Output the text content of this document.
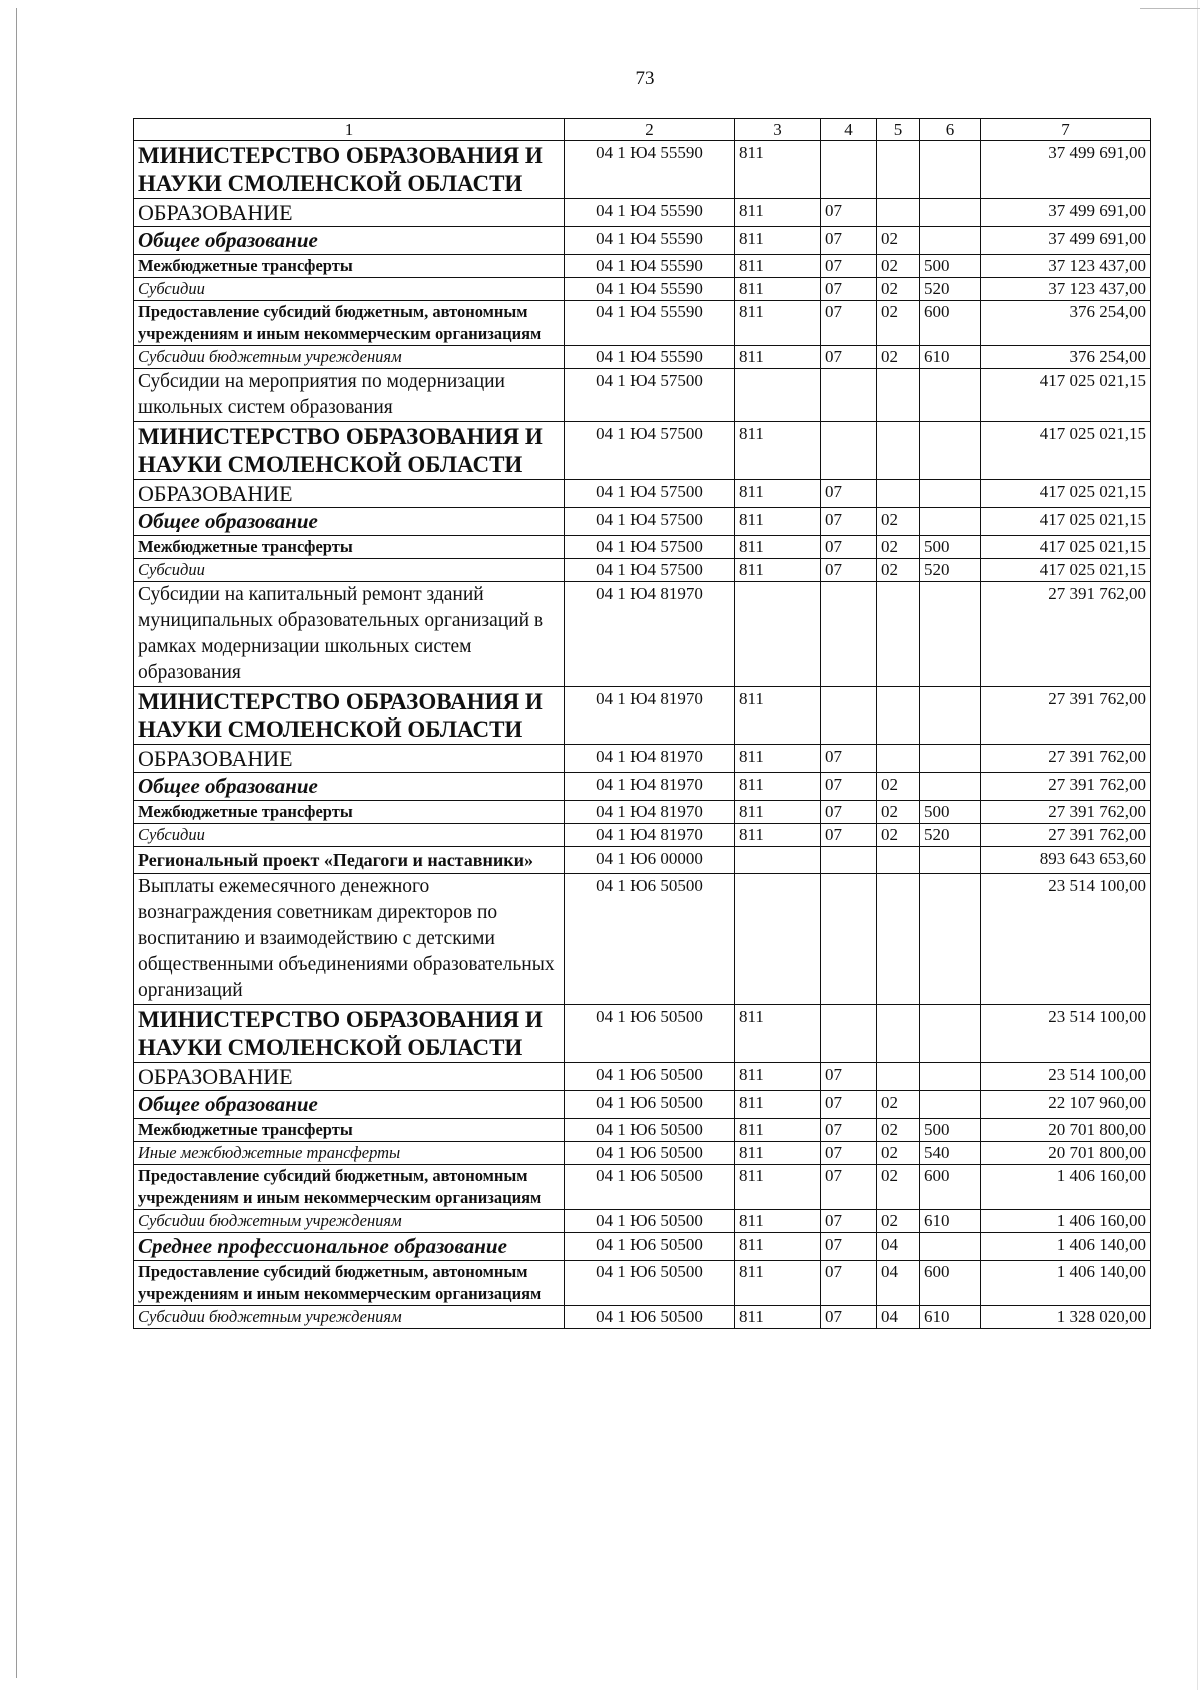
73
1	2	3	4	5	6	7
МИНИСТЕРСТВО ОБРАЗОВАНИЯ И НАУКИ СМОЛЕНСКОЙ ОБЛАСТИ	04 1 Ю4 55590	811				37 499 691,00
ОБРАЗОВАНИЕ	04 1 Ю4 55590	811	07			37 499 691,00
Общее образование	04 1 Ю4 55590	811	07	02		37 499 691,00
Межбюджетные трансферты	04 1 Ю4 55590	811	07	02	500	37 123 437,00
Субсидии	04 1 Ю4 55590	811	07	02	520	37 123 437,00
Предоставление субсидий бюджетным, автономным учреждениям и иным некоммерческим организациям	04 1 Ю4 55590	811	07	02	600	376 254,00
Субсидии бюджетным учреждениям	04 1 Ю4 55590	811	07	02	610	376 254,00
Субсидии на мероприятия по модернизации школьных систем образования	04 1 Ю4 57500					417 025 021,15
МИНИСТЕРСТВО ОБРАЗОВАНИЯ И НАУКИ СМОЛЕНСКОЙ ОБЛАСТИ	04 1 Ю4 57500	811				417 025 021,15
ОБРАЗОВАНИЕ	04 1 Ю4 57500	811	07			417 025 021,15
Общее образование	04 1 Ю4 57500	811	07	02		417 025 021,15
Межбюджетные трансферты	04 1 Ю4 57500	811	07	02	500	417 025 021,15
Субсидии	04 1 Ю4 57500	811	07	02	520	417 025 021,15
Субсидии на капитальный ремонт зданий муниципальных образовательных организаций в рамках модернизации школьных систем образования	04 1 Ю4 81970					27 391 762,00
МИНИСТЕРСТВО ОБРАЗОВАНИЯ И НАУКИ СМОЛЕНСКОЙ ОБЛАСТИ	04 1 Ю4 81970	811				27 391 762,00
ОБРАЗОВАНИЕ	04 1 Ю4 81970	811	07			27 391 762,00
Общее образование	04 1 Ю4 81970	811	07	02		27 391 762,00
Межбюджетные трансферты	04 1 Ю4 81970	811	07	02	500	27 391 762,00
Субсидии	04 1 Ю4 81970	811	07	02	520	27 391 762,00
Региональный проект «Педагоги и наставники»	04 1 Ю6 00000					893 643 653,60
Выплаты ежемесячного денежного вознаграждения советникам директоров по воспитанию и взаимодействию с детскими общественными объединениями образовательных организаций	04 1 Ю6 50500					23 514 100,00
МИНИСТЕРСТВО ОБРАЗОВАНИЯ И НАУКИ СМОЛЕНСКОЙ ОБЛАСТИ	04 1 Ю6 50500	811				23 514 100,00
ОБРАЗОВАНИЕ	04 1 Ю6 50500	811	07			23 514 100,00
Общее образование	04 1 Ю6 50500	811	07	02		22 107 960,00
Межбюджетные трансферты	04 1 Ю6 50500	811	07	02	500	20 701 800,00
Иные межбюджетные трансферты	04 1 Ю6 50500	811	07	02	540	20 701 800,00
Предоставление субсидий бюджетным, автономным учреждениям и иным некоммерческим организациям	04 1 Ю6 50500	811	07	02	600	1 406 160,00
Субсидии бюджетным учреждениям	04 1 Ю6 50500	811	07	02	610	1 406 160,00
Среднее профессиональное образование	04 1 Ю6 50500	811	07	04		1 406 140,00
Предоставление субсидий бюджетным, автономным учреждениям и иным некоммерческим организациям	04 1 Ю6 50500	811	07	04	600	1 406 140,00
Субсидии бюджетным учреждениям	04 1 Ю6 50500	811	07	04	610	1 328 020,00
